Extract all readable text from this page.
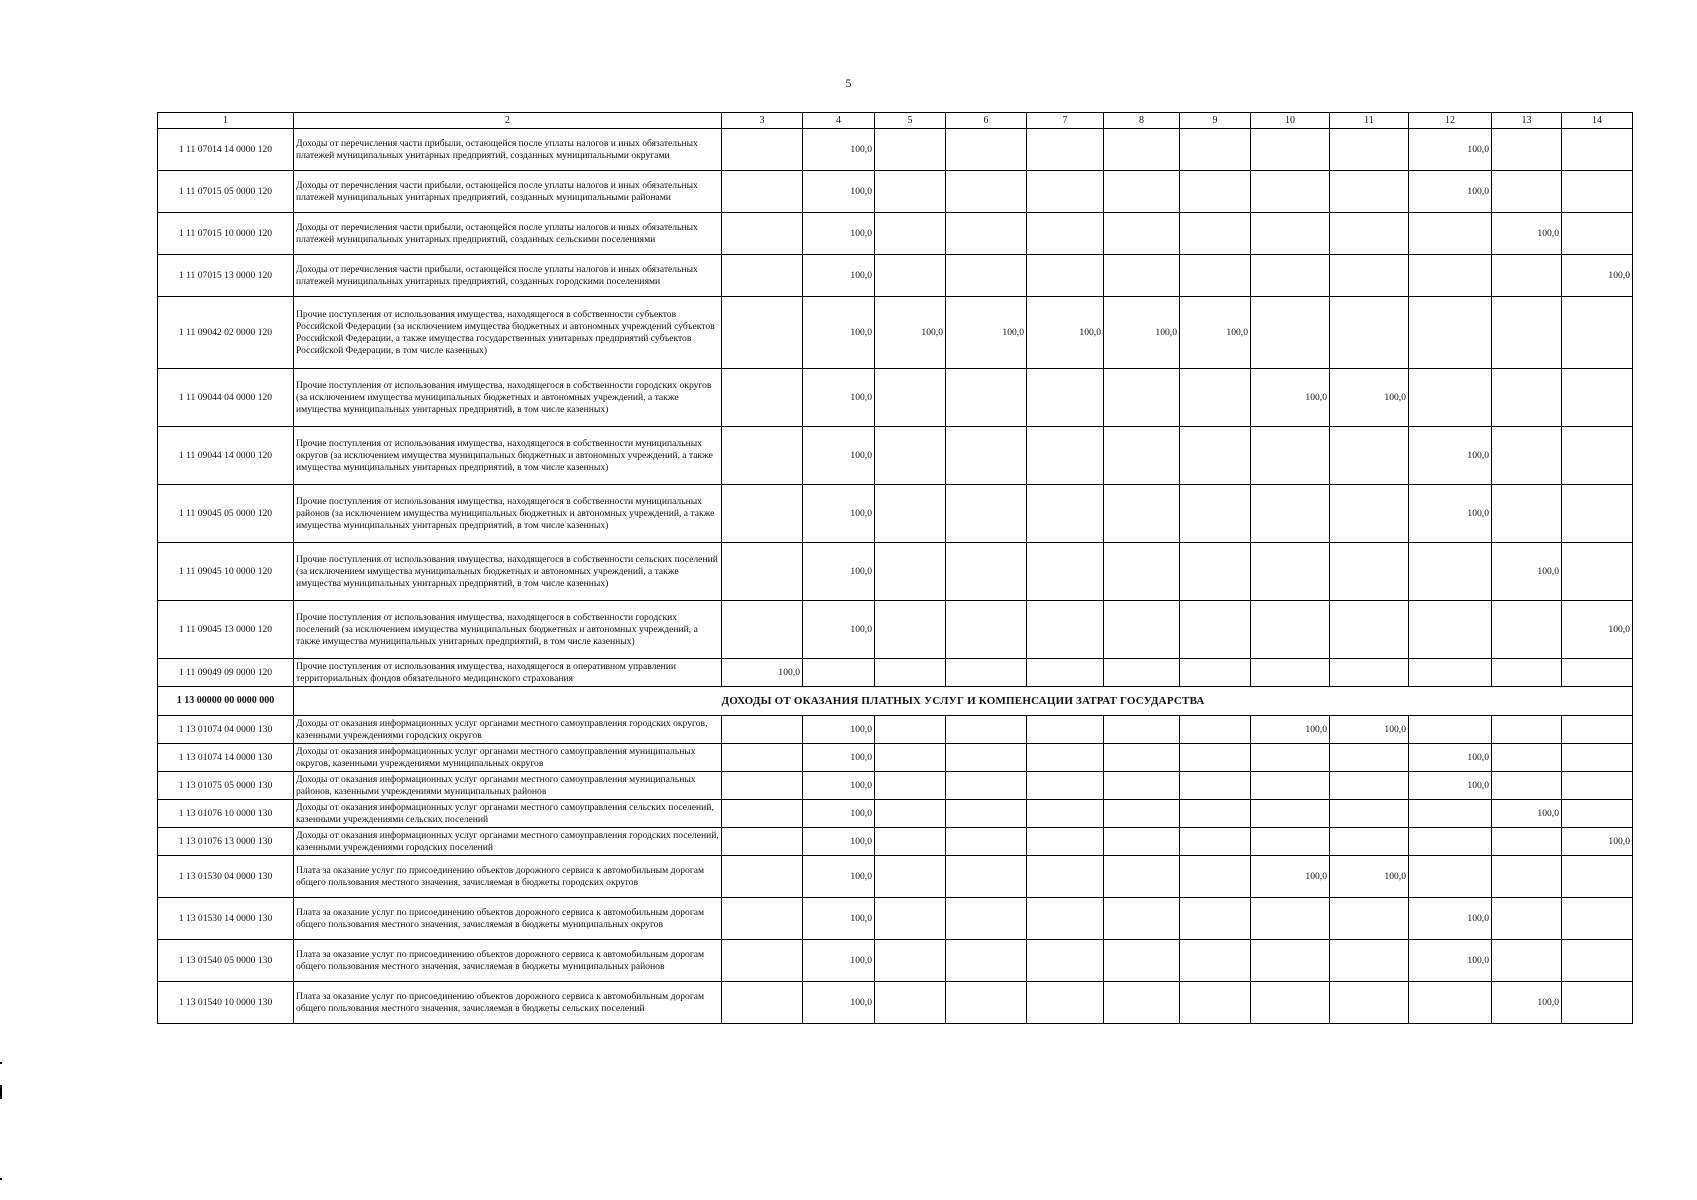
5
1	2	3	4	5	6	7	8	9	10	11	12	13	14
1 11 07014 14 0000 120	Доходы от перечисления части прибыли, остающейся после уплаты налогов и иных обязательных платежей муниципальных унитарных предприятий, созданных муниципальными округами		100,0								100,0		
1 11 07015 05 0000 120	Доходы от перечисления части прибыли, остающейся после уплаты налогов и иных обязательных платежей муниципальных унитарных предприятий, созданных муниципальными районами		100,0								100,0		
1 11 07015 10 0000 120	Доходы от перечисления части прибыли, остающейся после уплаты налогов и иных обязательных платежей муниципальных унитарных предприятий, созданных сельскими поселениями		100,0									100,0	
1 11 07015 13 0000 120	Доходы от перечисления части прибыли, остающейся после уплаты налогов и иных обязательных платежей муниципальных унитарных предприятий, созданных городскими поселениями		100,0										100,0
1 11 09042 02 0000 120	Прочие поступления от использования имущества, находящегося в собственности субъектов Российской Федерации (за исключением имущества бюджетных и автономных учреждений субъектов Российской Федерации, а также имущества государственных унитарных предприятий субъектов Российской Федерации, в том числе казенных)		100,0	100,0	100,0	100,0	100,0	100,0					
1 11 09044 04 0000 120	Прочие поступления от использования имущества, находящегося в собственности городских округов (за исключением имущества муниципальных бюджетных и автономных учреждений, а также имущества муниципальных унитарных предприятий, в том числе казенных)		100,0						100,0	100,0			
1 11 09044 14 0000 120	Прочие поступления от использования имущества, находящегося в собственности муниципальных округов (за исключением имущества муниципальных бюджетных и автономных учреждений, а также имущества муниципальных унитарных предприятий, в том числе казенных)		100,0								100,0		
1 11 09045 05 0000 120	Прочие поступления от использования имущества, находящегося в собственности муниципальных районов (за исключением имущества муниципальных бюджетных и автономных учреждений, а также имущества муниципальных унитарных предприятий, в том числе казенных)		100,0								100,0		
1 11 09045 10 0000 120	Прочие поступления от использования имущества, находящегося в собственности сельских поселений (за исключением имущества муниципальных бюджетных и автономных учреждений, а также имущества муниципальных унитарных предприятий, в том числе казенных)		100,0									100,0	
1 11 09045 13 0000 120	Прочие поступления от использования имущества, находящегося в собственности городских поселений (за исключением имущества муниципальных бюджетных и автономных учреждений, а также имущества муниципальных унитарных предприятий, в том числе казенных)		100,0										100,0
1 11 09049 09 0000 120	Прочие поступления от использования имущества, находящегося в оперативном управлении территориальных фондов обязательного медицинского страхования	100,0											
1 13 00000 00 0000 000	ДОХОДЫ ОТ ОКАЗАНИЯ ПЛАТНЫХ УСЛУГ И КОМПЕНСАЦИИ ЗАТРАТ ГОСУДАРСТВА												
1 13 01074 04 0000 130	Доходы от оказания информационных услуг органами местного самоуправления городских округов, казенными учреждениями городских округов		100,0						100,0	100,0			
1 13 01074 14 0000 130	Доходы от оказания информационных услуг органами местного самоуправления муниципальных округов, казенными учреждениями муниципальных округов		100,0								100,0		
1 13 01075 05 0000 130	Доходы от оказания информационных услуг органами местного самоуправления муниципальных районов, казенными учреждениями муниципальных районов		100,0								100,0		
1 13 01076 10 0000 130	Доходы от оказания информационных услуг органами местного самоуправления сельских поселений, казенными учреждениями сельских поселений		100,0									100,0	
1 13 01076 13 0000 130	Доходы от оказания информационных услуг органами местного самоуправления городских поселений, казенными учреждениями городских поселений		100,0										100,0
1 13 01530 04 0000 130	Плата за оказание услуг по присоединению объектов дорожного сервиса к автомобильным дорогам общего пользования местного значения, зачисляемая в бюджеты городских округов		100,0						100,0	100,0			
1 13 01530 14 0000 130	Плата за оказание услуг по присоединению объектов дорожного сервиса к автомобильным дорогам общего пользования местного значения, зачисляемая в бюджеты муниципальных округов		100,0								100,0		
1 13 01540 05 0000 130	Плата за оказание услуг по присоединению объектов дорожного сервиса к автомобильным дорогам общего пользования местного значения, зачисляемая в бюджеты муниципальных районов		100,0								100,0		
1 13 01540 10 0000 130	Плата за оказание услуг по присоединению объектов дорожного сервиса к автомобильным дорогам общего пользования местного значения, зачисляемая в бюджеты сельских поселений		100,0									100,0	
